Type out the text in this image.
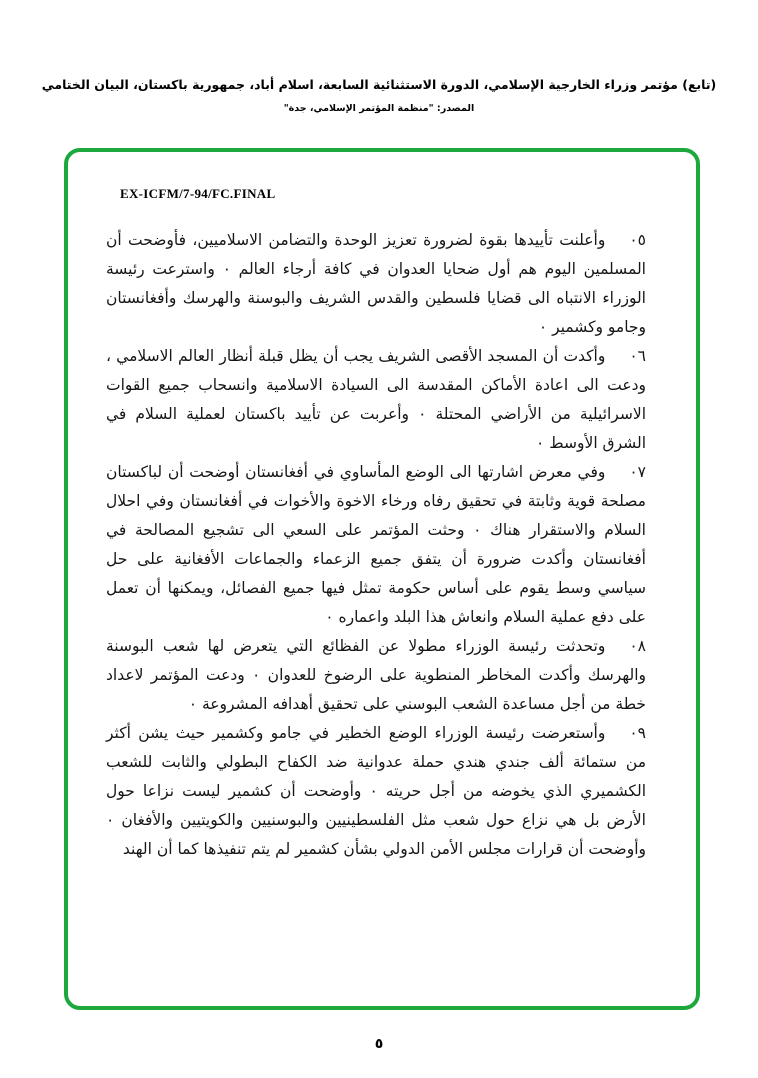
(تابع) مؤتمر وزراء الخارجية الإسلامي، الدورة الاستثنائية السابعة، اسلام أباد، جمهورية باكستان، البيان الختامي
المصدر: "منظمة المؤتمر الإسلامي، جدة"
EX-ICFM/7-94/FC.FINAL

٠٥وأعلنت تأييدها بقوة لضرورة تعزيز الوحدة والتضامن الاسلاميين، فأوضحت أن المسلمين اليوم هم أول ضحايا العدوان في كافة أرجاء العالم ٠ واسترعت رئيسة الوزراء الانتباه الى قضايا فلسطين والقدس الشريف والبوسنة والهرسك وأفغانستان وجامو وكشمير ٠

٠٦وأكدت أن المسجد الأقصى الشريف يجب أن يظل قبلة أنظار العالم الاسلامي ، ودعت الى اعادة الأماكن المقدسة الى السيادة الاسلامية وانسحاب جميع القوات الاسرائيلية من الأراضي المحتلة ٠ وأعربت عن تأييد باكستان لعملية السلام في الشرق الأوسط ٠

٠٧وفي معرض اشارتها الى الوضع المأساوي في أفغانستان أوضحت أن لباكستان مصلحة قوية وثابتة في تحقيق رفاه ورخاء الاخوة والأخوات في أفغانستان وفي احلال السلام والاستقرار هناك ٠ وحثت المؤتمر على السعي الى تشجيع المصالحة في أفغانستان وأكدت ضرورة أن يتفق جميع الزعماء والجماعات الأفغانية على حل سياسي وسط يقوم على أساس حكومة تمثل فيها جميع الفصائل، ويمكنها أن تعمل على دفع عملية السلام وانعاش هذا البلد واعماره ٠

٠٨وتحدثت رئيسة الوزراء مطولا عن الفظائع التي يتعرض لها شعب البوسنة والهرسك وأكدت المخاطر المنطوية على الرضوخ للعدوان ٠ ودعت المؤتمر لاعداد خطة من أجل مساعدة الشعب البوسني على تحقيق أهدافه المشروعة ٠

٠٩وأستعرضت رئيسة الوزراء الوضع الخطير في جامو وكشمير حيث يشن أكثر من ستمائة ألف جندي هندي حملة عدوانية ضد الكفاح البطولي والثابت للشعب الكشميري الذي يخوضه من أجل حريته ٠ وأوضحت أن كشمير ليست نزاعا حول الأرض بل هي نزاع حول شعب مثل الفلسطينيين والبوسنيين والكويتيين والأفغان ٠ وأوضحت أن قرارات مجلس الأمن الدولي بشأن كشمير لم يتم تنفيذها كما أن الهند

٥
